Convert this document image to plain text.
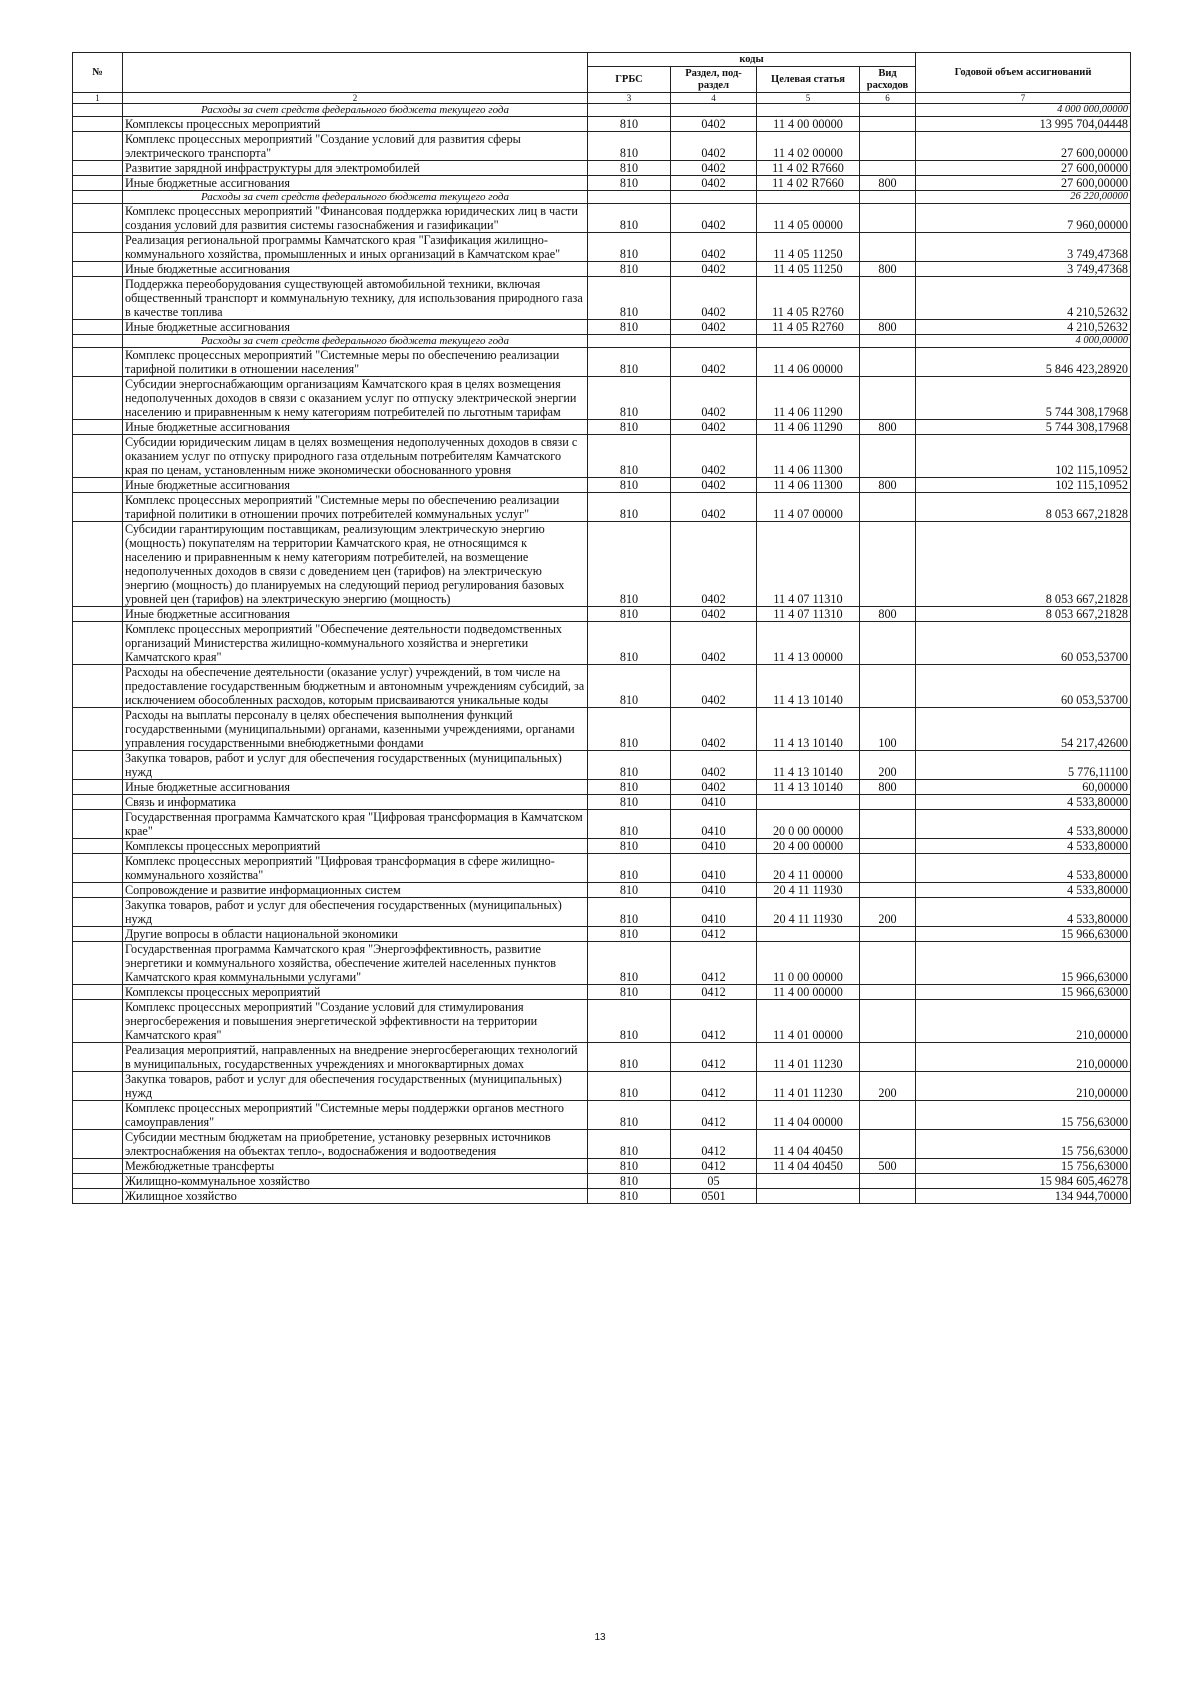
№		коды				Годовой объем ассигнований
		ГРБС	Раздел, под-раздел	Целевая статья	Вид расходов	
1	2	3	4	5	6	7
	Расходы за счет средств федерального бюджета текущего года					4 000 000,00000
	Комплексы процессных мероприятий	810	0402	11 4 00 00000		13 995 704,04448
	Комплекс процессных мероприятий "Создание условий для развития сферы электрического транспорта"	810	0402	11 4 02 00000		27 600,00000
	Развитие зарядной инфраструктуры для электромобилей	810	0402	11 4 02 R7660		27 600,00000
	Иные бюджетные ассигнования	810	0402	11 4 02 R7660	800	27 600,00000
	Расходы за счет средств федерального бюджета текущего года					26 220,00000
	Комплекс процессных мероприятий "Финансовая поддержка юридических лиц в части создания условий для развития системы газоснабжения и газификации"	810	0402	11 4 05 00000		7 960,00000
	Реализация региональной программы Камчатского края "Газификация жилищно-коммунального хозяйства, промышленных и иных организаций в Камчатском крае"	810	0402	11 4 05 11250		3 749,47368
	Иные бюджетные ассигнования	810	0402	11 4 05 11250	800	3 749,47368
	Поддержка переоборудования существующей автомобильной техники, включая общественный транспорт и коммунальную технику, для использования природного газа в качестве топлива	810	0402	11 4 05 R2760		4 210,52632
	Иные бюджетные ассигнования	810	0402	11 4 05 R2760	800	4 210,52632
	Расходы за счет средств федерального бюджета текущего года					4 000,00000
	Комплекс процессных мероприятий "Системные меры по обеспечению реализации тарифной политики в отношении населения"	810	0402	11 4 06 00000		5 846 423,28920
	Субсидии энергоснабжающим организациям Камчатского края в целях возмещения недополученных доходов в связи с оказанием услуг по отпуску электрической энергии населению и приравненным к нему категориям потребителей по льготным тарифам	810	0402	11 4 06 11290		5 744 308,17968
	Иные бюджетные ассигнования	810	0402	11 4 06 11290	800	5 744 308,17968
	Субсидии юридическим лицам в целях возмещения недополученных доходов в связи с оказанием услуг по отпуску природного газа отдельным потребителям Камчатского края по ценам, установленным ниже экономически обоснованного уровня	810	0402	11 4 06 11300		102 115,10952
	Иные бюджетные ассигнования	810	0402	11 4 06 11300	800	102 115,10952
	Комплекс процессных мероприятий "Системные меры по обеспечению реализации тарифной политики в отношении прочих потребителей коммунальных услуг"	810	0402	11 4 07 00000		8 053 667,21828
	Субсидии гарантирующим поставщикам, реализующим электрическую энергию (мощность) покупателям на территории Камчатского края, не относящимся к населению и приравненным к нему категориям потребителей, на возмещение недополученных доходов в связи с доведением цен (тарифов) на электрическую энергию (мощность) до планируемых на следующий период регулирования базовых уровней цен (тарифов) на электрическую энергию (мощность)	810	0402	11 4 07 11310		8 053 667,21828
	Иные бюджетные ассигнования	810	0402	11 4 07 11310	800	8 053 667,21828
	Комплекс процессных мероприятий "Обеспечение деятельности подведомственных организаций Министерства жилищно-коммунального хозяйства и энергетики Камчатского края"	810	0402	11 4 13 00000		60 053,53700
	Расходы на обеспечение деятельности (оказание услуг) учреждений, в том числе на предоставление государственным бюджетным и автономным учреждениям субсидий, за исключением обособленных расходов, которым присваиваются уникальные коды	810	0402	11 4 13 10140		60 053,53700
	Расходы на выплаты персоналу в целях обеспечения выполнения функций государственными (муниципальными) органами, казенными учреждениями, органами управления государственными внебюджетными фондами	810	0402	11 4 13 10140	100	54 217,42600
	Закупка товаров, работ и услуг для обеспечения государственных (муниципальных) нужд	810	0402	11 4 13 10140	200	5 776,11100
	Иные бюджетные ассигнования	810	0402	11 4 13 10140	800	60,00000
	Связь и информатика	810	0410			4 533,80000
	Государственная программа Камчатского края "Цифровая трансформация в Камчатском крае"	810	0410	20 0 00 00000		4 533,80000
	Комплексы процессных мероприятий	810	0410	20 4 00 00000		4 533,80000
	Комплекс процессных мероприятий "Цифровая трансформация в сфере жилищно-коммунального хозяйства"	810	0410	20 4 11 00000		4 533,80000
	Сопровождение и развитие информационных систем	810	0410	20 4 11 11930		4 533,80000
	Закупка товаров, работ и услуг для обеспечения государственных (муниципальных) нужд	810	0410	20 4 11 11930	200	4 533,80000
	Другие вопросы в области национальной экономики	810	0412			15 966,63000
	Государственная программа Камчатского края "Энергоэффективность, развитие энергетики и коммунального хозяйства, обеспечение жителей населенных пунктов Камчатского края коммунальными услугами"	810	0412	11 0 00 00000		15 966,63000
	Комплексы процессных мероприятий	810	0412	11 4 00 00000		15 966,63000
	Комплекс процессных мероприятий "Создание условий для стимулирования энергосбережения и повышения энергетической эффективности на территории Камчатского края"	810	0412	11 4 01 00000		210,00000
	Реализация мероприятий, направленных на внедрение энергосберегающих технологий в муниципальных, государственных учреждениях и многоквартирных домах	810	0412	11 4 01 11230		210,00000
	Закупка товаров, работ и услуг для обеспечения государственных (муниципальных) нужд	810	0412	11 4 01 11230	200	210,00000
	Комплекс процессных мероприятий "Системные меры поддержки органов местного самоуправления"	810	0412	11 4 04 00000		15 756,63000
	Субсидии местным бюджетам на приобретение, установку резервных источников электроснабжения на объектах тепло-, водоснабжения и водоотведения	810	0412	11 4 04 40450		15 756,63000
	Межбюджетные трансферты	810	0412	11 4 04 40450	500	15 756,63000
	Жилищно-коммунальное хозяйство	810	05			15 984 605,46278
	Жилищное хозяйство	810	0501			134 944,70000
13
